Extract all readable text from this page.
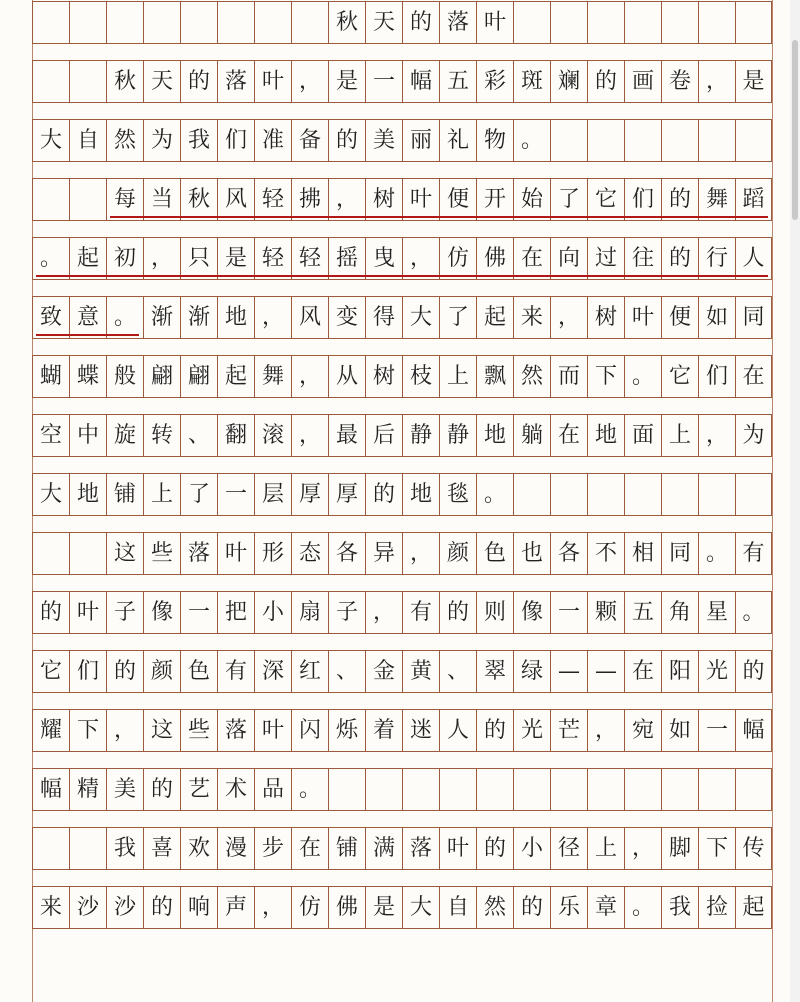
秋 天 的 落 叶
秋 天 的 落 叶 ， 是 一 幅 五 彩 斑 斓 的 画 卷 ， 是
大 自 然 为 我 们 准 备 的 美 丽 礼 物 。
每 当 秋 风 轻 拂 ， 树 叶 便 开 始 了 它 们 的 舞 蹈
。 起 初 ， 只 是 轻 轻 摇 曳 ， 仿 佛 在 向 过 往 的 行 人
致 意 。 渐 渐 地 ， 风 变 得 大 了 起 来 ， 树 叶 便 如 同
蝴 蝶 般 翩 翩 起 舞 ， 从 树 枝 上 飘 然 而 下 。 它 们 在
空 中 旋 转 、 翻 滚 ， 最 后 静 静 地 躺 在 地 面 上 ， 为
大 地 铺 上 了 一 层 厚 厚 的 地 毯 。
这 些 落 叶 形 态 各 异 ， 颜 色 也 各 不 相 同 。 有
的 叶 子 像 一 把 小 扇 子 ， 有 的 则 像 一 颗 五 角 星 。
它 们 的 颜 色 有 深 红 、 金 黄 、 翠 绿 — — 在 阳 光 的
耀 下 ， 这 些 落 叶 闪 烁 着 迷 人 的 光 芒 ， 宛 如 一 幅
幅 精 美 的 艺 术 品 。
我 喜 欢 漫 步 在 铺 满 落 叶 的 小 径 上 ， 脚 下 传
来 沙 沙 的 响 声 ， 仿 佛 是 大 自 然 的 乐 章 。 我 捡 起
